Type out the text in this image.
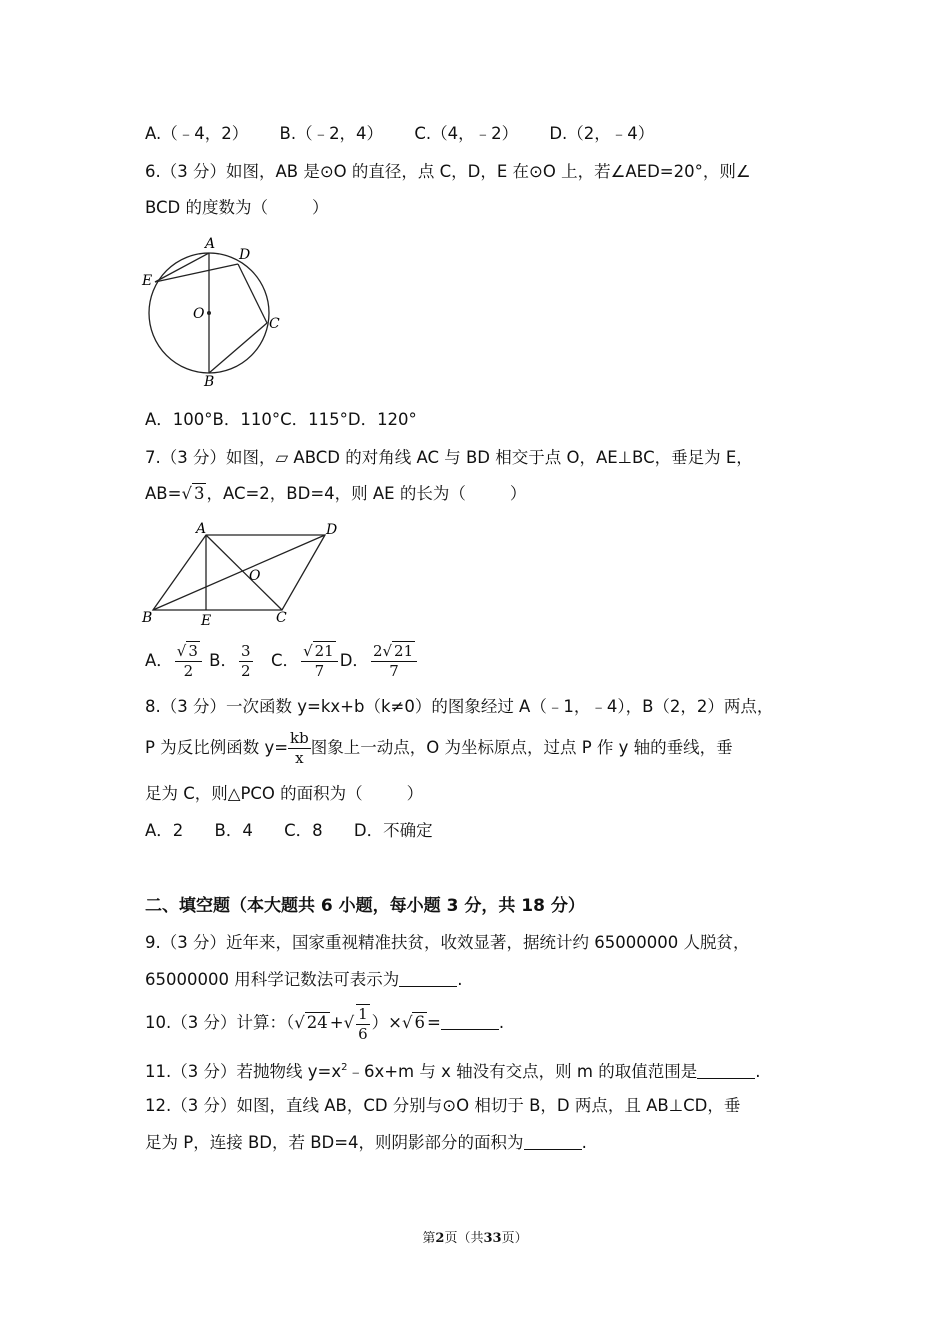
A.（﹣4，2） B.（﹣2，4） C.（4，﹣2） D.（2，﹣4）
6.（3 分）如图，AB 是⊙O 的直径，点 C，D，E 在⊙O 上，若∠AED=20°，则∠
BCD 的度数为（	）
A
D
E
O
C
B
A．100°B．110°C．115°D．120°
7.（3 分）如图，▱ ABCD 的对角线 AC 与 BD 相交于点 O，AE⊥BC，垂足为 E，
AB=√ 3 ，AC=2，BD=4，则 AE 的长为（	）
A	D
O
B	E	C
A． $\frac{√ 3}{2}$ B． $\frac{3}{2}$ C． $\frac{√ 21}{7}$ D． $\frac{2√ 21}{7}$
8.（3 分）一次函数 y=kx+b（k≠0）的图象经过 A（﹣1，﹣4），B（2，2）两点，
P 为反比例函数 $y= \frac{kb}{x}$ 图象上一动点，O 为坐标原点，过点 P 作 y 轴的垂线，垂
足为 C，则△PCO 的面积为（	）
A．2 B．4 C．8 D．不确定
二、填空题（本大题共 6 小题，每小题 3 分，共 18 分）
9.（3 分）近年来，国家重视精准扶贫，收效显著，据统计约 65000000 人脱贫，
65000000 用科学记数法可表示为	.
10.（3 分）计算：（√ 24 +√ $\frac{1}{6}$ ）×√ 6 =	.
11.（3 分）若抛物线 $y=x^2﹣6x+m$ 与 x 轴没有交点，则 m 的取值范围是	.
12.（3 分）如图，直线 AB，CD 分别与⊙O 相切于 B，D 两点，且 AB⊥CD，垂
足为 P，连接 BD，若 BD=4，则阴影部分的面积为	.
第2页（共33页）
